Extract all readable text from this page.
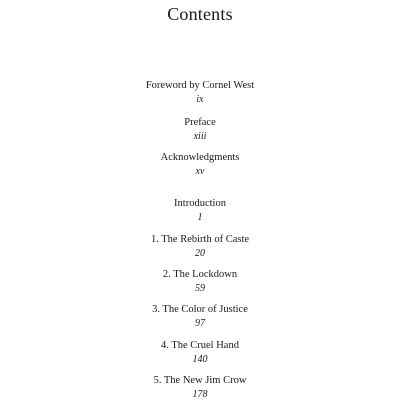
Contents
Foreword by Cornel West
ix
Preface
xiii
Acknowledgments
xv
Introduction
1
1. The Rebirth of Caste
20
2. The Lockdown
59
3. The Color of Justice
97
4. The Cruel Hand
140
5. The New Jim Crow
178
